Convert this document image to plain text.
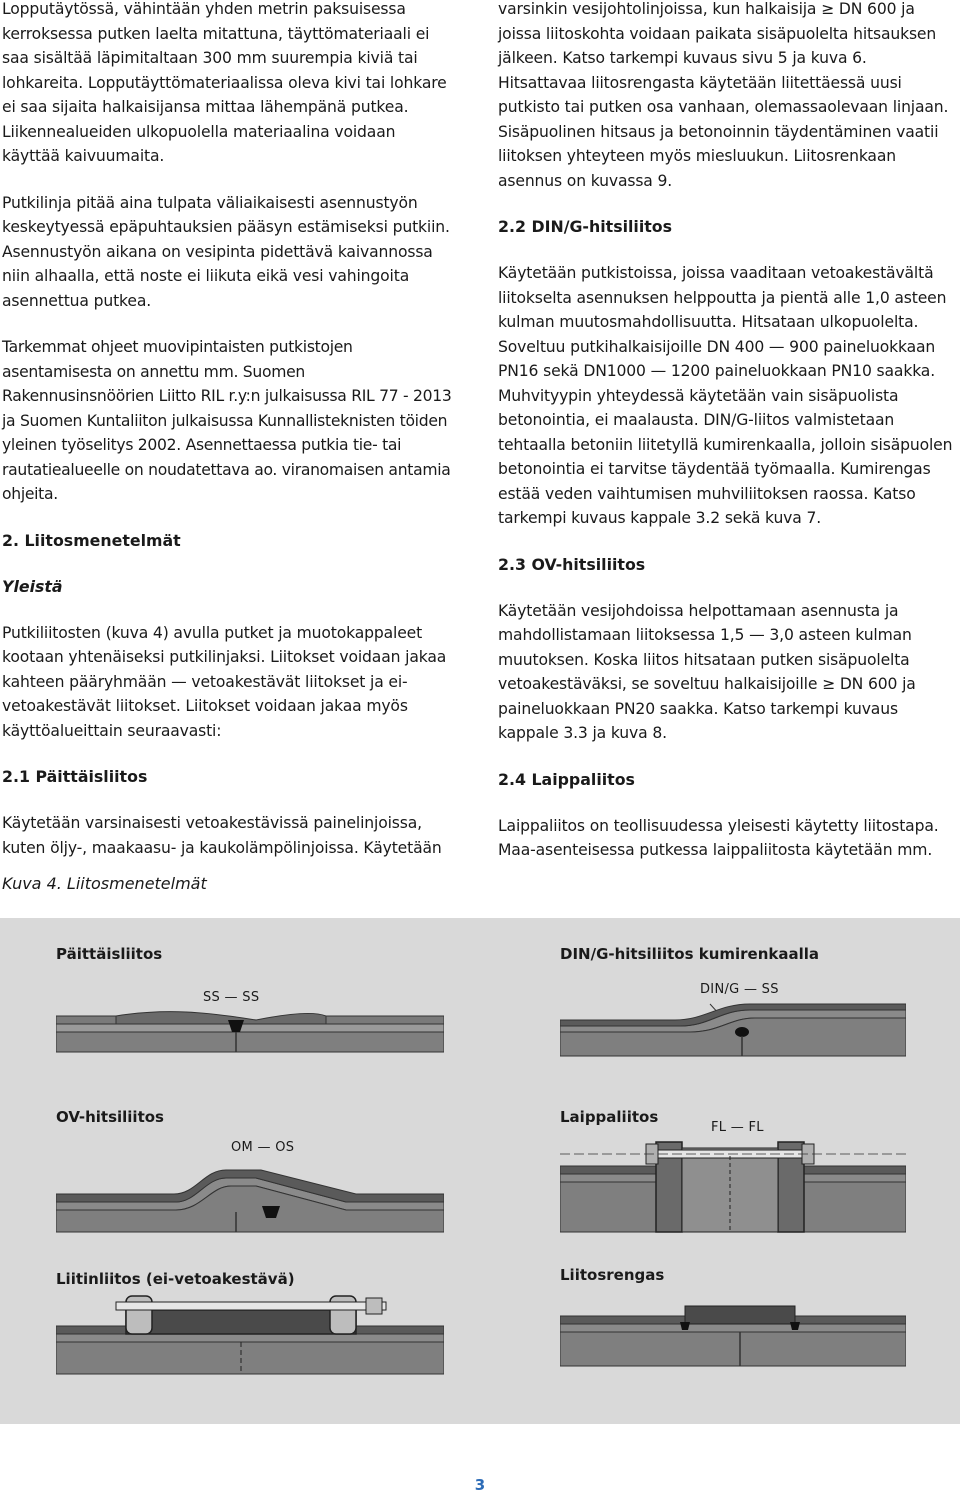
Lopputäytössä, vähintään yhden metrin paksuisessa kerroksessa putken laelta mitattuna, täyttömateriaali ei saa sisältää läpimitaltaan 300 mm suurempia kiviä tai lohkareita. Lopputäyttömateriaalissa oleva kivi tai lohkare ei saa sijaita halkaisijansa mittaa lähempänä putkea. Liikennealueiden ulkopuolella materiaalina voidaan käyttää kaivuumaita.

Putkilinja pitää aina tulpata väliaikaisesti asennustyön keskeytyessä epäpuhtauksien pääsyn estämiseksi putkiin. Asennustyön aikana on vesipinta pidettävä kaivannossa niin alhaalla, että noste ei liikuta eikä vesi vahingoita asennettua putkea.

Tarkemmat ohjeet muovipintaisten putkistojen asentamisesta on annettu mm. Suomen Rakennusinsnöörien Liitto RIL r.y:n julkaisussa RIL 77 - 2013 ja Suomen Kuntaliiton julkaisussa Kunnallisteknisten töiden yleinen työselitys 2002. Asennettaessa putkia tie- tai rautatiealueelle on noudatettava ao. viranomaisen antamia ohjeita.

2. Liitosmenetelmät
Yleistä

Putkiliitosten (kuva 4) avulla putket ja muotokappaleet kootaan yhtenäiseksi putkilinjaksi. Liitokset voidaan jakaa kahteen pääryhmään — vetoakestävät liitokset ja ei-vetoakestävät liitokset. Liitokset voidaan jakaa myös käyttöalueittain seuraavasti:

2.1 Päittäisliitos

Käytetään varsinaisesti vetoakestävissä painelinjoissa, kuten öljy-, maakaasu- ja kaukolämpölinjoissa. Käytetään

varsinkin vesijohtolinjoissa, kun halkaisija ≥ DN 600 ja joissa liitoskohta voidaan paikata sisäpuolelta hitsauksen jälkeen. Katso tarkempi kuvaus sivu 5 ja kuva 6. Hitsattavaa liitosrengasta käytetään liitettäessä uusi putkisto tai putken osa vanhaan, olemassaolevaan linjaan. Sisäpuolinen hitsaus ja betonoinnin täydentäminen vaatii liitoksen yhteyteen myös miesluukun. Liitosrenkaan asennus on kuvassa 9.

2.2 DIN/G-hitsiliitos

Käytetään putkistoissa, joissa vaaditaan vetoakestävältä liitokselta asennuksen helppoutta ja pientä alle 1,0 asteen kulman muutosmahdollisuutta. Hitsataan ulkopuolelta. Soveltuu putkihalkaisijoille DN 400 — 900 paineluokkaan PN16 sekä DN1000 — 1200 paineluokkaan PN10 saakka. Muhvityypin yhteydessä käytetään vain sisäpuolista betonointia, ei maalausta. DIN/G-liitos valmistetaan tehtaalla betoniin liitetyllä kumirenkaalla, jolloin sisäpuolen betonointia ei tarvitse täydentää työmaalla. Kumirengas estää veden vaihtumisen muhviliitoksen raossa. Katso tarkempi kuvaus kappale 3.2 sekä kuva 7.

2.3 OV-hitsiliitos

Käytetään vesijohdoissa helpottamaan asennusta ja mahdollistamaan liitoksessa 1,5 — 3,0 asteen kulman muutoksen. Koska liitos hitsataan putken sisäpuolelta vetoakestäväksi, se soveltuu halkaisijoille ≥ DN 600 ja paineluokkaan PN20 saakka. Katso tarkempi kuvaus kappale 3.3 ja kuva 8.

2.4 Laippaliitos

Laippaliitos on teollisuudessa yleisesti käytetty liitostapa. Maa-asenteisessa putkessa laippaliitosta käytetään mm.

Kuva 4. Liitosmenetelmät
Päittäisliitos
SS — SS
DIN/G-hitsiliitos kumirenkaalla
DIN/G — SS
OV-hitsiliitos
OM — OS
Laippaliitos
FL — FL
Liitinliitos (ei-vetoakestävä)	Liitosrengas
3
